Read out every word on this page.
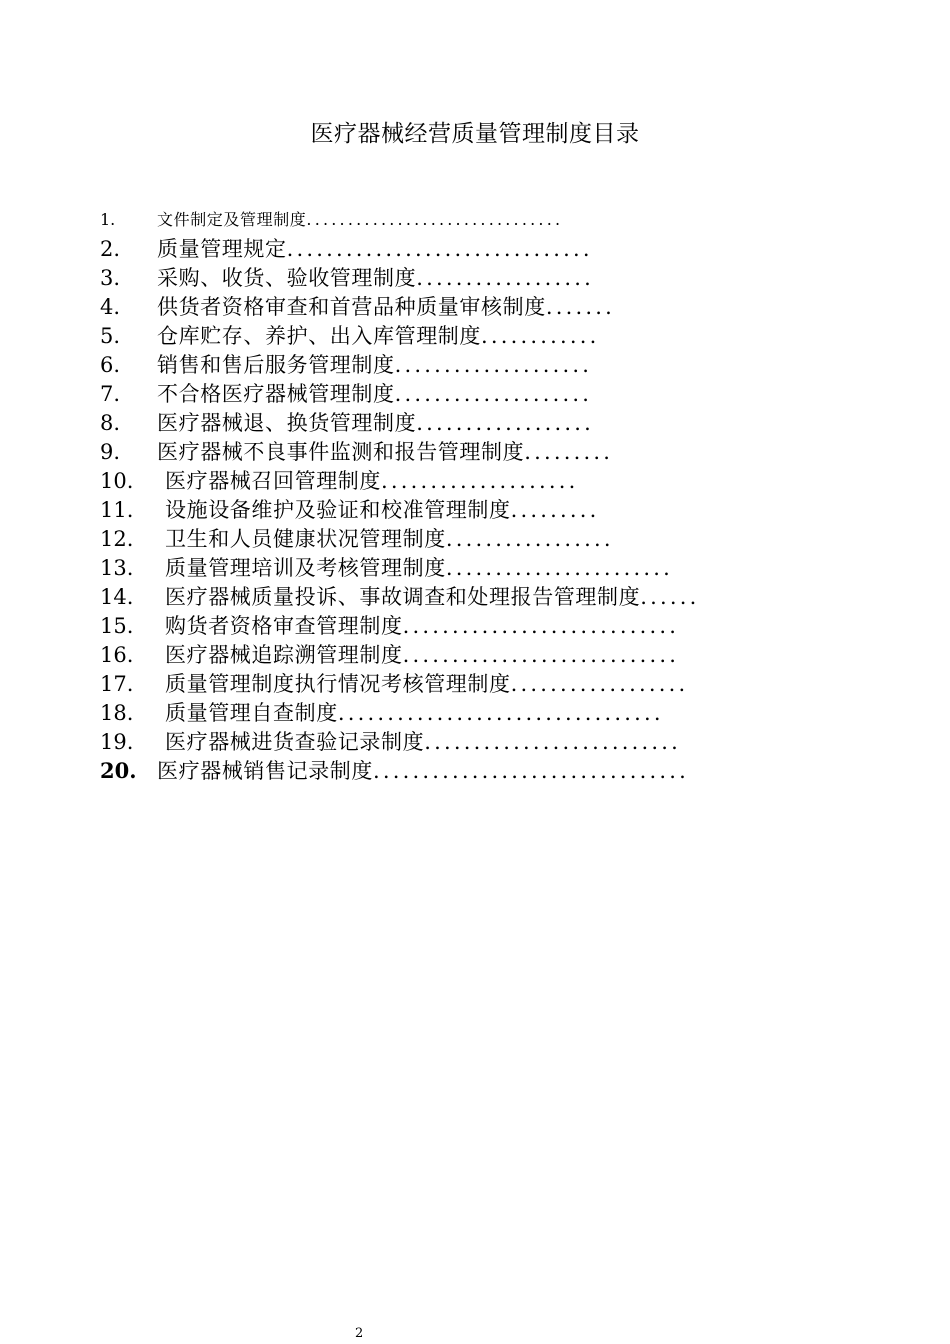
医疗器械经营质量管理制度目录
1.	文件制定及管理制度...............................
2. 质量管理规定...............................
3. 采购、收货、验收管理制度..................
4. 供货者资格审查和首营品种质量审核制度.......
5. 仓库贮存、养护、出入库管理制度............
6. 销售和售后服务管理制度....................
7. 不合格医疗器械管理制度....................
8. 医疗器械退、换货管理制度..................
9. 医疗器械不良事件监测和报告管理制度.........
10. 医疗器械召回管理制度....................
11. 设施设备维护及验证和校准管理制度.........
12. 卫生和人员健康状况管理制度.................
13. 质量管理培训及考核管理制度.......................
14. 医疗器械质量投诉、事故调查和处理报告管理制度......
15. 购货者资格审查管理制度............................
16. 医疗器械追踪溯管理制度............................
17. 质量管理制度执行情况考核管理制度..................
18. 质量管理自查制度.................................
19. 医疗器械进货查验记录制度..........................
20. 医疗器械销售记录制度................................
2
